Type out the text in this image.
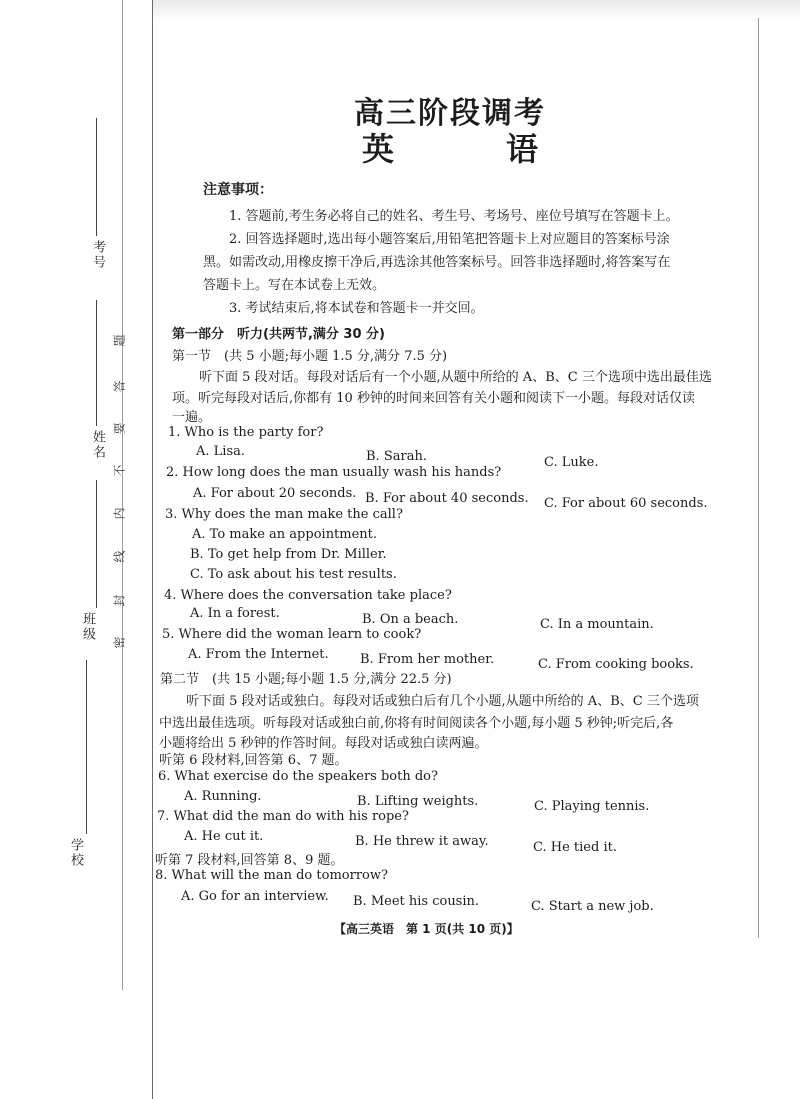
考号
姓名
班级
学校
题
答
要
不
内
线
封
密
高三阶段调考
英　语
注意事项：
1. 答题前,考生务必将自己的姓名、考生号、考场号、座位号填写在答题卡上。
2. 回答选择题时,选出每小题答案后,用铅笔把答题卡上对应题目的答案标号涂
黑。如需改动,用橡皮擦干净后,再选涂其他答案标号。回答非选择题时,将答案写在
答题卡上。写在本试卷上无效。
3. 考试结束后,将本试卷和答题卡一并交回。
第一部分　听力(共两节,满分 30 分)
第一节　(共 5 小题;每小题 1.5 分,满分 7.5 分)
听下面 5 段对话。每段对话后有一个小题,从题中所给的 A、B、C 三个选项中选出最佳选
项。听完每段对话后,你都有 10 秒钟的时间来回答有关小题和阅读下一小题。每段对话仅读
一遍。
1. Who is the party for?
A. Lisa.	B. Sarah.	C. Luke.
2. How long does the man usually wash his hands?
A. For about 20 seconds. B. For about 40 seconds. C. For about 60 seconds.
3. Why does the man make the call?
A. To make an appointment.
B. To get help from Dr. Miller.
C. To ask about his test results.
4. Where does the conversation take place?
A. In a forest.	B. On a beach.	C. In a mountain.
5. Where did the woman learn to cook?
A. From the Internet. B. From her mother.	C. From cooking books.
第二节　(共 15 小题;每小题 1.5 分,满分 22.5 分)
听下面 5 段对话或独白。每段对话或独白后有几个小题,从题中所给的 A、B、C 三个选项
中选出最佳选项。听每段对话或独白前,你将有时间阅读各个小题,每小题 5 秒钟;听完后,各
小题将给出 5 秒钟的作答时间。每段对话或独白读两遍。
听第 6 段材料,回答第 6、7 题。
6. What exercise do the speakers both do?
A. Running.	B. Lifting weights.	C. Playing tennis.
7. What did the man do with his rope?
A. He cut it.	B. He threw it away.	C. He tied it.
听第 7 段材料,回答第 8、9 题。
8. What will the man do tomorrow?
A. Go for an interview. B. Meet his cousin.	C. Start a new job.
【高三英语　第 1 页(共 10 页)】
